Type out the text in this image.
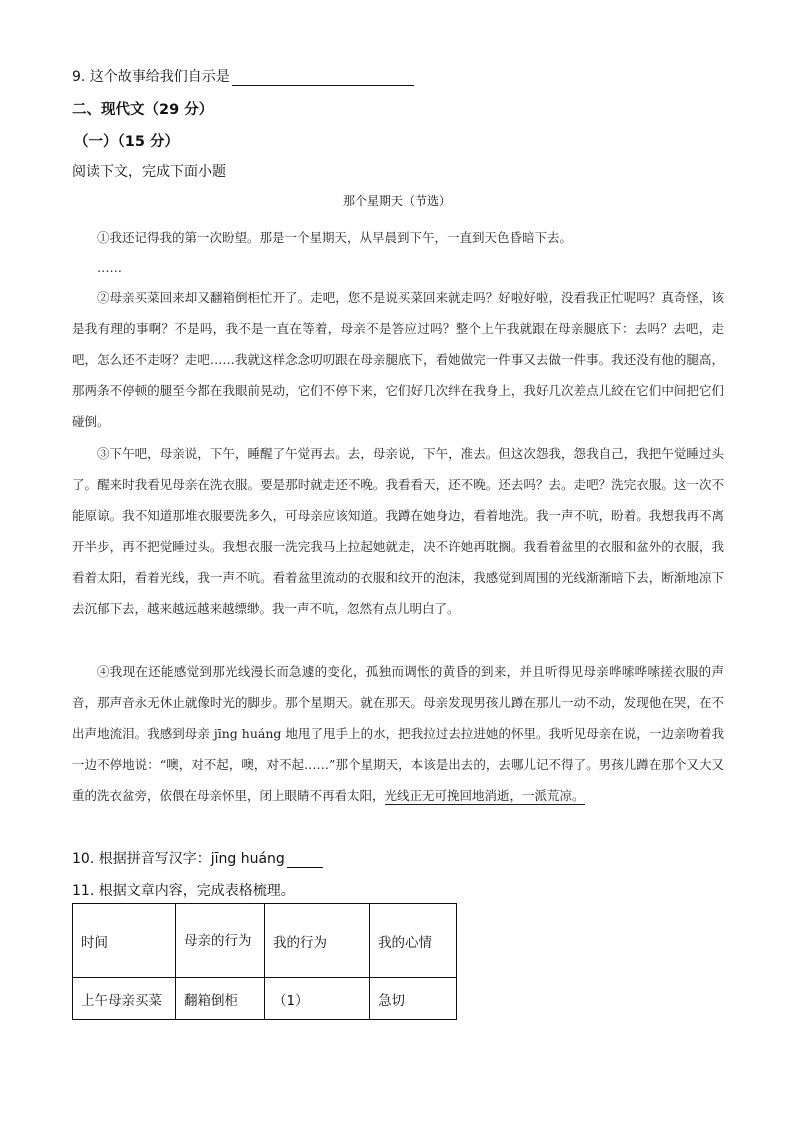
9. 这个故事给我们自示是
二、现代文（29 分）
（一）（15 分）
阅读下文，完成下面小题
那个星期天（节选）

①我还记得我的第一次盼望。那是一个星期天，从早晨到下午，一直到天色昏暗下去。

……

②母亲买菜回来却又翻箱倒柜忙开了。走吧，您不是说买菜回来就走吗？好啦好啦，没看我正忙呢吗？真奇怪，该是我有理的事啊？不是吗，我不是一直在等着，母亲不是答应过吗？整个上午我就跟在母亲腿底下：去吗？去吧，走吧，怎么还不走呀？走吧……我就这样念念叨叨跟在母亲腿底下，看她做完一件事又去做一件事。我还没有他的腿高，那两条不停顿的腿至今都在我眼前晃动，它们不停下来，它们好几次绊在我身上，我好几次差点儿絞在它们中间把它们碰倒。

③下午吧，母亲说，下午，睡醒了午觉再去。去，母亲说，下午，准去。但这次怨我，怨我自己，我把午觉睡过头了。醒来时我看见母亲在洗衣服。要是那时就走还不晚。我看看天，还不晚。还去吗？去。走吧？洗完衣服。这一次不能原谅。我不知道那堆衣服要洗多久，可母亲应该知道。我蹲在她身边，看着地洗。我一声不吭，盼着。我想我再不离开半步，再不把觉睡过头。我想衣服一洗完我马上拉起她就走，决不许她再耽搁。我看着盆里的衣服和盆外的衣服，我看着太阳，看着光线，我一声不吭。看着盆里流动的衣服和纹开的泡沫，我感觉到周围的光线渐渐暗下去，断渐地凉下去沉郁下去，越来越远越来越缥缈。我一声不吭，忽然有点儿明白了。

④我现在还能感觉到那光线漫长而急遽的变化，孤独而调怅的黄昏的到来，并且听得见母亲哗嗦哗嗦搓衣服的声音，那声音永无休止就像时光的脚步。那个星期天。就在那天。母亲发现男孩儿蹲在那儿一动不动，发现他在哭，在不出声地流泪。我感到母亲 jīng huáng 地甩了甩手上的水，把我拉过去拉进她的怀里。我听见母亲在说，一边亲吻着我一边不停地说：“噢，对不起，噢，对不起……”那个星期天，本该是出去的，去哪儿记不得了。男孩儿蹲在那个又大又重的洗衣盆旁，依偎在母亲怀里，闭上眼睛不再看太阳，光线正无可挽回地消逝，一派荒凉。

10. 根据拼音写汉字：jīng huáng
11. 根据文章内容，完成表格梳理。
时间	母亲的行为	我的行为	我的心情
上午母亲买菜	翻箱倒柜	（1）	急切
